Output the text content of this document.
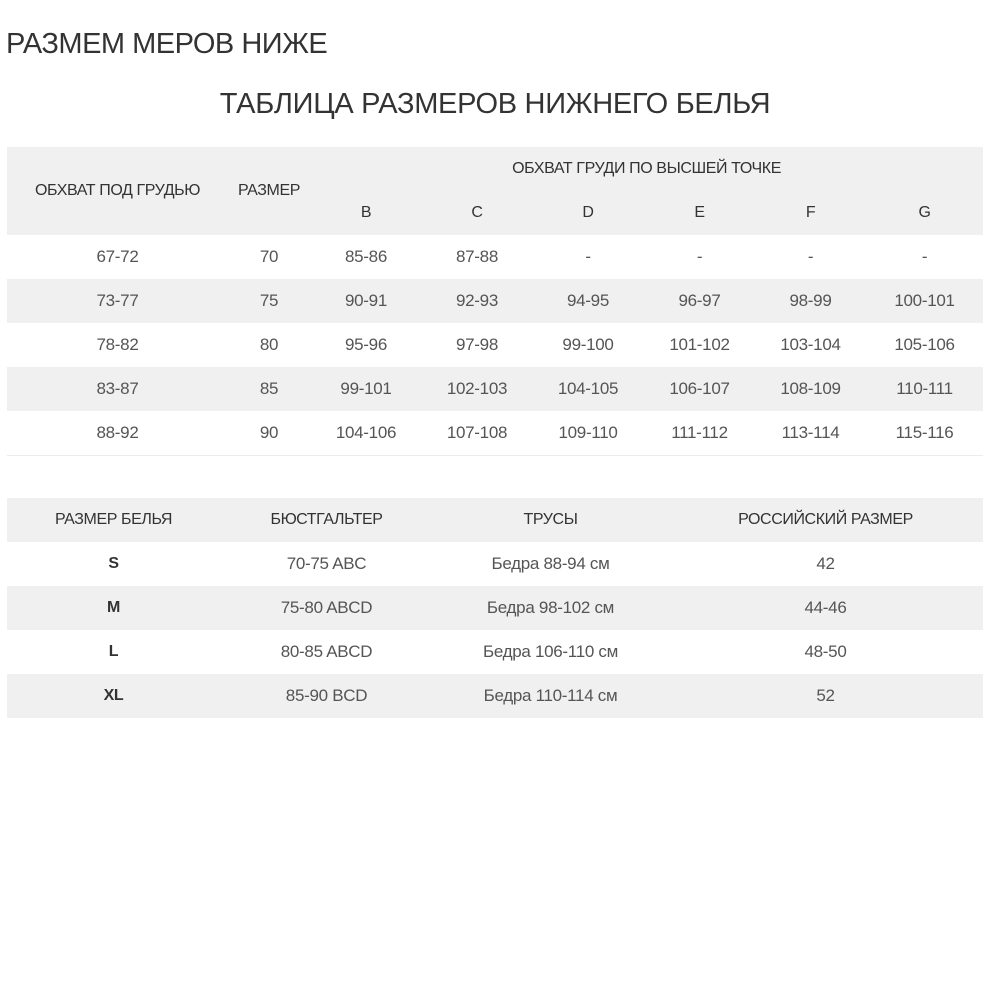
РАЗМЕМ МЕРОВ НИЖЕ
ТАБЛИЦА РАЗМЕРОВ НИЖНЕГО БЕЛЬЯ
ОБХВАТ ПОД ГРУДЬЮ	РАЗМЕР	ОБХВАТ ГРУДИ ПО ВЫСШЕЙ ТОЧКЕ					
		B	C	D	E	F	G
67-72	70	85-86	87-88	-	-	-	-
73-77	75	90-91	92-93	94-95	96-97	98-99	100-101
78-82	80	95-96	97-98	99-100	101-102	103-104	105-106
83-87	85	99-101	102-103	104-105	106-107	108-109	110-111
88-92	90	104-106	107-108	109-110	111-112	113-114	115-116
РАЗМЕР БЕЛЬЯ	БЮСТГАЛЬТЕР	ТРУСЫ	РОССИЙСКИЙ РАЗМЕР
S	70-75 ABC	Бедра 88-94 см	42
M	75-80 ABCD	Бедра 98-102 см	44-46
L	80-85 ABCD	Бедра 106-110 см	48-50
XL	85-90 BCD	Бедра 110-114 см	52
